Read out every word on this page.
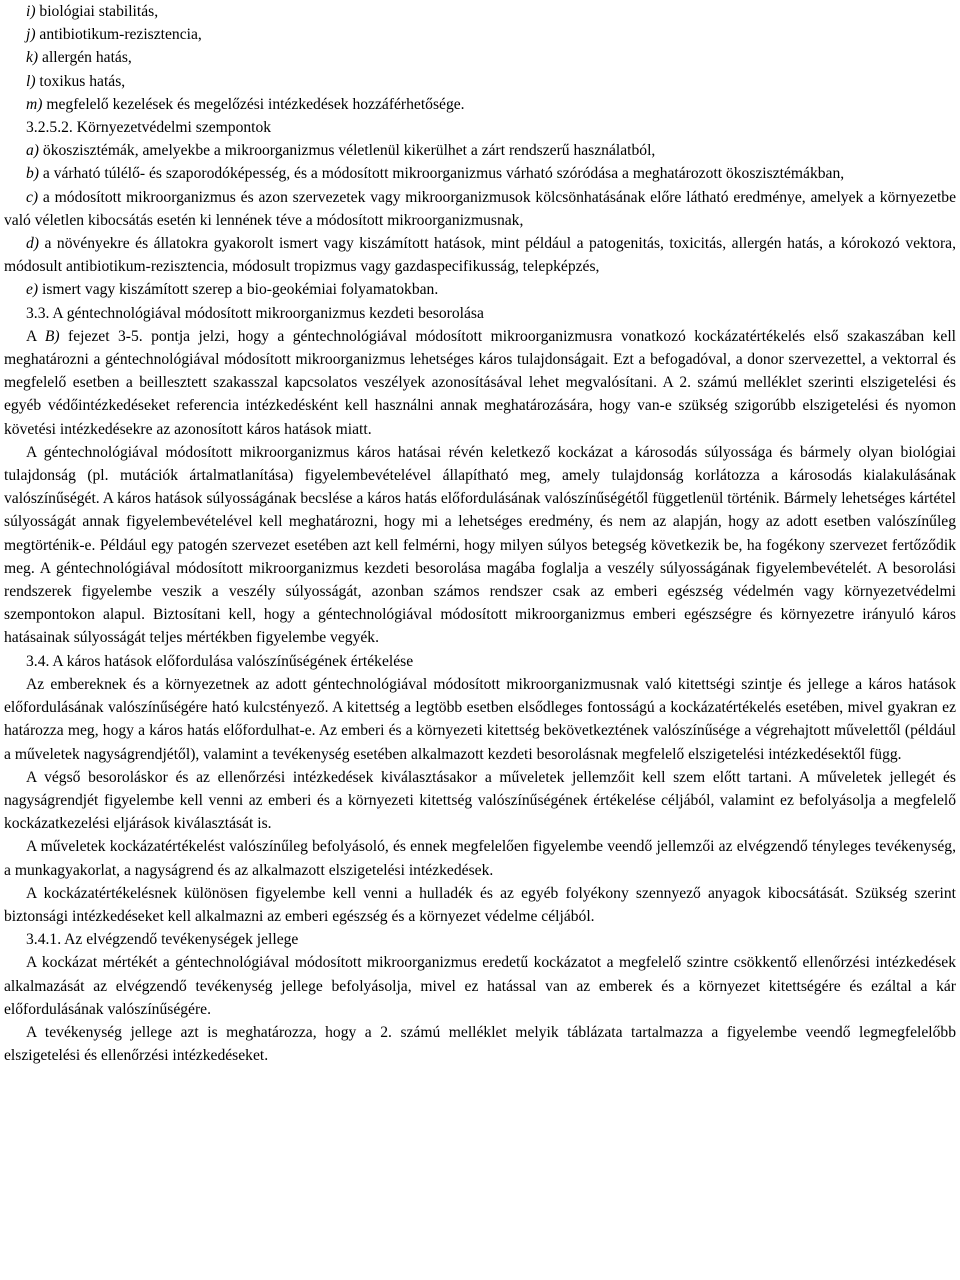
i) biológiai stabilitás,

j) antibiotikum-rezisztencia,

k) allergén hatás,

l) toxikus hatás,

m) megfelelő kezelések és megelőzési intézkedések hozzáférhetősége.

3.2.5.2. Környezetvédelmi szempontok

a) ökoszisztémák, amelyekbe a mikroorganizmus véletlenül kikerülhet a zárt rendszerű használatból,

b) a várható túlélő- és szaporodóképesség, és a módosított mikroorganizmus várható szóródása a meghatározott ökoszisztémákban,

c) a módosított mikroorganizmus és azon szervezetek vagy mikroorganizmusok kölcsönhatásának előre látható eredménye, amelyek a környezetbe való véletlen kibocsátás esetén ki lennének téve a módosított mikroorganizmusnak,

d) a növényekre és állatokra gyakorolt ismert vagy kiszámított hatások, mint például a patogenitás, toxicitás, allergén hatás, a kórokozó vektora, módosult antibiotikum-rezisztencia, módosult tropizmus vagy gazdaspecifikusság, telepképzés,

e) ismert vagy kiszámított szerep a bio-geokémiai folyamatokban.

3.3. A géntechnológiával módosított mikroorganizmus kezdeti besorolása

A B) fejezet 3-5. pontja jelzi, hogy a géntechnológiával módosított mikroorganizmusra vonatkozó kockázatértékelés első szakaszában kell meghatározni a géntechnológiával módosított mikroorganizmus lehetséges káros tulajdonságait. Ezt a befogadóval, a donor szervezettel, a vektorral és megfelelő esetben a beillesztett szakasszal kapcsolatos veszélyek azonosításával lehet megvalósítani. A 2. számú melléklet szerinti elszigetelési és egyéb védőintézkedéseket referencia intézkedésként kell használni annak meghatározására, hogy van-e szükség szigorúbb elszigetelési és nyomon követési intézkedésekre az azonosított káros hatások miatt.

A géntechnológiával módosított mikroorganizmus káros hatásai révén keletkező kockázat a károsodás súlyossága és bármely olyan biológiai tulajdonság (pl. mutációk ártalmatlanítása) figyelembevételével állapítható meg, amely tulajdonság korlátozza a károsodás kialakulásának valószínűségét. A káros hatások súlyosságának becslése a káros hatás előfordulásának valószínűségétől függetlenül történik. Bármely lehetséges kártétel súlyosságát annak figyelembevételével kell meghatározni, hogy mi a lehetséges eredmény, és nem az alapján, hogy az adott esetben valószínűleg megtörténik-e. Például egy patogén szervezet esetében azt kell felmérni, hogy milyen súlyos betegség következik be, ha fogékony szervezet fertőződik meg. A géntechnológiával módosított mikroorganizmus kezdeti besorolása magába foglalja a veszély súlyosságának figyelembevételét. A besorolási rendszerek figyelembe veszik a veszély súlyosságát, azonban számos rendszer csak az emberi egészség védelmén vagy környezetvédelmi szempontokon alapul. Biztosítani kell, hogy a géntechnológiával módosított mikroorganizmus emberi egészségre és környezetre irányuló káros hatásainak súlyosságát teljes mértékben figyelembe vegyék.

3.4. A káros hatások előfordulása valószínűségének értékelése

Az embereknek és a környezetnek az adott géntechnológiával módosított mikroorganizmusnak való kitettségi szintje és jellege a káros hatások előfordulásának valószínűségére ható kulcstényező. A kitettség a legtöbb esetben elsődleges fontosságú a kockázatértékelés esetében, mivel gyakran ez határozza meg, hogy a káros hatás előfordulhat-e. Az emberi és a környezeti kitettség bekövetkeztének valószínűsége a végrehajtott művelettől (például a műveletek nagyságrendjétől), valamint a tevékenység esetében alkalmazott kezdeti besorolásnak megfelelő elszigetelési intézkedésektől függ.

A végső besoroláskor és az ellenőrzési intézkedések kiválasztásakor a műveletek jellemzőit kell szem előtt tartani. A műveletek jellegét és nagyságrendjét figyelembe kell venni az emberi és a környezeti kitettség valószínűségének értékelése céljából, valamint ez befolyásolja a megfelelő kockázatkezelési eljárások kiválasztását is.

A műveletek kockázatértékelést valószínűleg befolyásoló, és ennek megfelelően figyelembe veendő jellemzői az elvégzendő tényleges tevékenység, a munkagyakorlat, a nagyságrend és az alkalmazott elszigetelési intézkedések.

A kockázatértékelésnek különösen figyelembe kell venni a hulladék és az egyéb folyékony szennyező anyagok kibocsátását. Szükség szerint biztonsági intézkedéseket kell alkalmazni az emberi egészség és a környezet védelme céljából.

3.4.1. Az elvégzendő tevékenységek jellege

A kockázat mértékét a géntechnológiával módosított mikroorganizmus eredetű kockázatot a megfelelő szintre csökkentő ellenőrzési intézkedések alkalmazását az elvégzendő tevékenység jellege befolyásolja, mivel ez hatással van az emberek és a környezet kitettségére és ezáltal a kár előfordulásának valószínűségére.

A tevékenység jellege azt is meghatározza, hogy a 2. számú melléklet melyik táblázata tartalmazza a figyelembe veendő legmegfelelőbb elszigetelési és ellenőrzési intézkedéseket.
